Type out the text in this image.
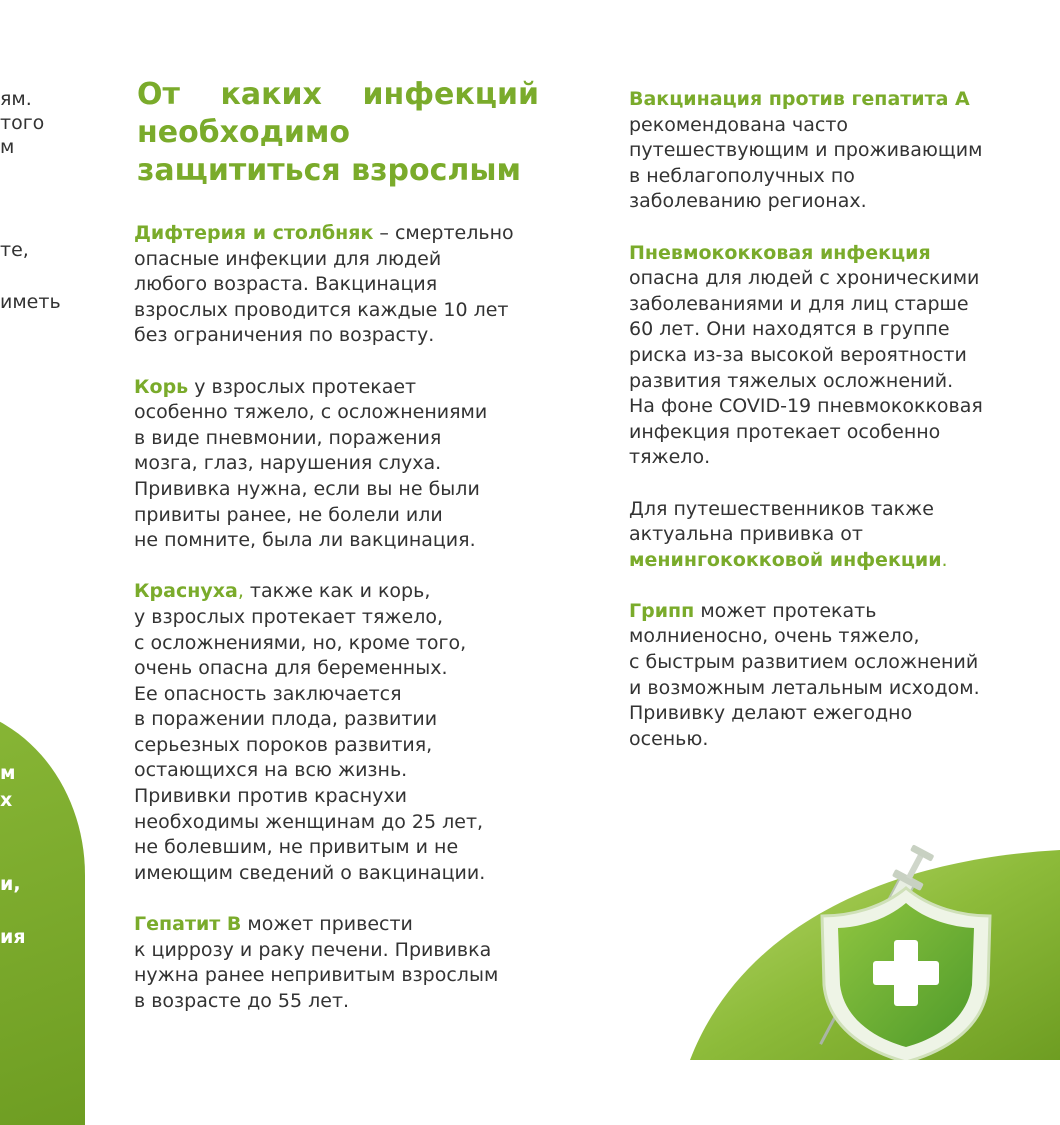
ям.
того
м
те,
иметь
м
х
и,
ия
От каких инфекций
необходимо
защититься взрослым

Дифтерия и столбняк – смертельно

опасные инфекции для людей

любого возраста. Вакцинация

взрослых проводится каждые 10 лет

без ограничения по возрасту.

Корь у взрослых протекает

особенно тяжело, с осложнениями

в виде пневмонии, поражения

мозга, глаз, нарушения слуха.

Прививка нужна, если вы не были

привиты ранее, не болели или

не помните, была ли вакцинация.

Краснуха, также как и корь,

у взрослых протекает тяжело,

с осложнениями, но, кроме того,

очень опасна для беременных.

Ее опасность заключается

в поражении плода, развитии

серьезных пороков развития,

остающихся на всю жизнь.

Прививки против краснухи

необходимы женщинам до 25 лет,

не болевшим, не привитым и не

имеющим сведений о вакцинации.

Гепатит В может привести

к циррозу и раку печени. Прививка

нужна ранее непривитым взрослым

в возрасте до 55 лет.

Вакцинация против гепатита А

рекомендована часто

путешествующим и проживающим

в неблагополучных по

заболеванию регионах.

Пневмококковая инфекция

опасна для людей с хроническими

заболеваниями и для лиц старше

60 лет. Они находятся в группе

риска из-за высокой вероятности

развития тяжелых осложнений.

На фоне COVID-19 пневмококковая

инфекция протекает особенно

тяжело.

Для путешественников также

актуальна прививка от

менингококковой инфекции.

Грипп может протекать

молниеносно, очень тяжело,

с быстрым развитием осложнений

и возможным летальным исходом.

Прививку делают ежегодно

осенью.
